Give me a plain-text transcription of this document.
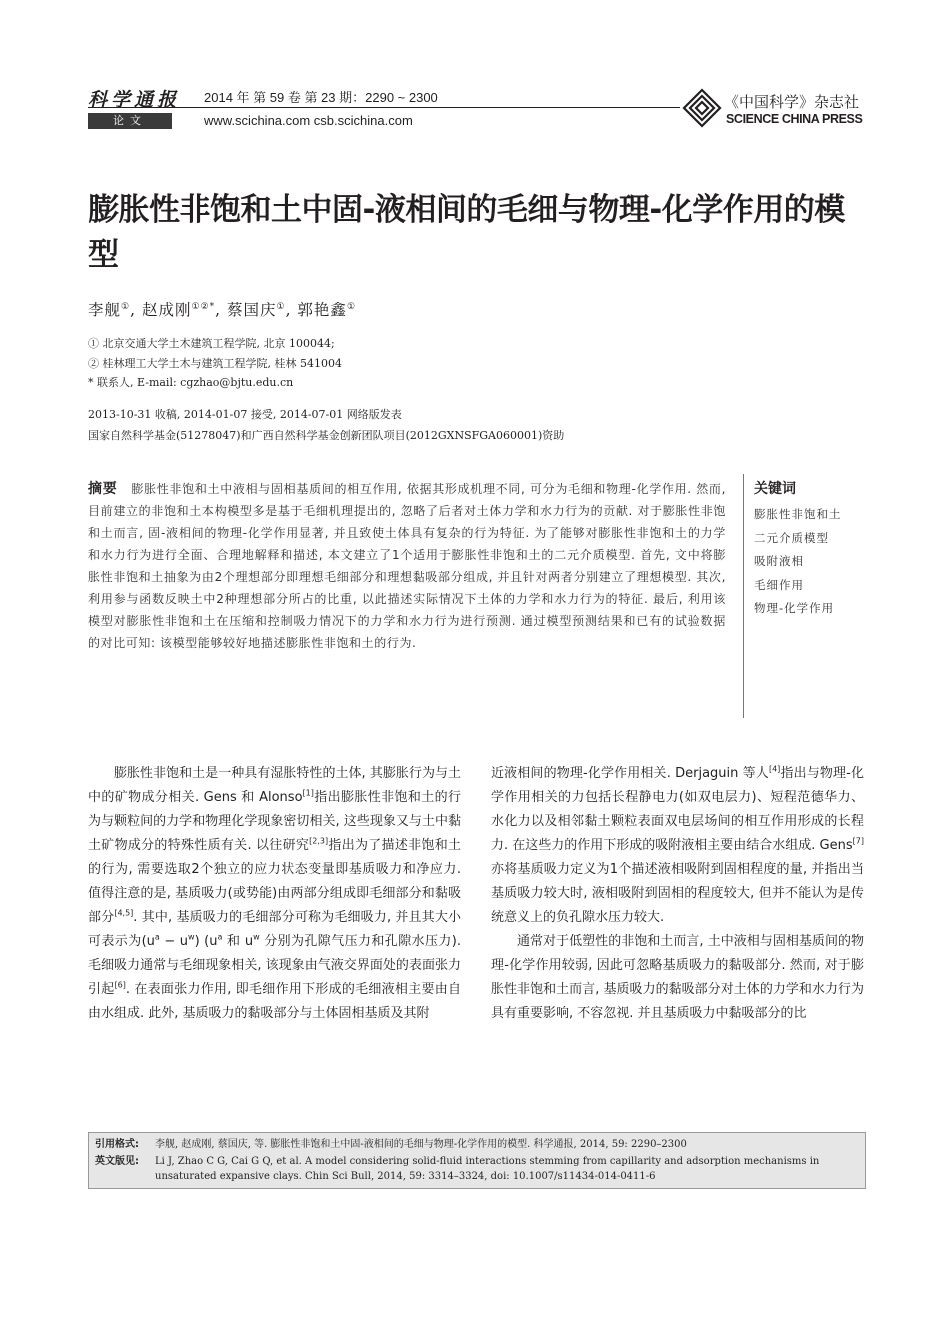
科学通报 2014 年 第 59 卷 第 23 期：2290 ~ 2300
论文	www.scichina.com csb.scichina.com
《中国科学》杂志社
SCIENCE CHINA PRESS
膨胀性非饱和土中固-液相间的毛细与物理-化学作用的模型
李舰①, 赵成刚①②*, 蔡国庆①, 郭艳鑫①
① 北京交通大学土木建筑工程学院, 北京 100044;
② 桂林理工大学土木与建筑工程学院, 桂林 541004
* 联系人, E-mail: cgzhao@bjtu.edu.cn
2013-10-31 收稿, 2014-01-07 接受, 2014-07-01 网络版发表
国家自然科学基金(51278047)和广西自然科学基金创新团队项目(2012GXNSFGA060001)资助
摘要 膨胀性非饱和土中液相与固相基质间的相互作用, 依据其形成机理不同, 可分为毛细和物理-化学作用. 然而, 目前建立的非饱和土本构模型多是基于毛细机理提出的, 忽略了后者对土体力学和水力行为的贡献. 对于膨胀性非饱和土而言, 固-液相间的物理-化学作用显著, 并且致使土体具有复杂的行为特征. 为了能够对膨胀性非饱和土的力学和水力行为进行全面、合理地解释和描述, 本文建立了1个适用于膨胀性非饱和土的二元介质模型. 首先, 文中将膨胀性非饱和土抽象为由2个理想部分即理想毛细部分和理想黏吸部分组成, 并且针对两者分别建立了理想模型. 其次, 利用参与函数反映土中2种理想部分所占的比重, 以此描述实际情况下土体的力学和水力行为的特征. 最后, 利用该模型对膨胀性非饱和土在压缩和控制吸力情况下的力学和水力行为进行预测. 通过模型预测结果和已有的试验数据的对比可知: 该模型能够较好地描述膨胀性非饱和土的行为.
关键词
膨胀性非饱和土
二元介质模型
吸附液相
毛细作用
物理-化学作用

膨胀性非饱和土是一种具有湿胀特性的土体, 其膨胀行为与土中的矿物成分相关. Gens 和 Alonso[1]指出膨胀性非饱和土的行为与颗粒间的力学和物理化学现象密切相关, 这些现象又与土中黏土矿物成分的特殊性质有关. 以往研究[2,3]指出为了描述非饱和土的行为, 需要选取2个独立的应力状态变量即基质吸力和净应力. 值得注意的是, 基质吸力(或势能)由两部分组成即毛细部分和黏吸部分[4,5]. 其中, 基质吸力的毛细部分可称为毛细吸力, 并且其大小可表示为$(u^a - u^w)$ ($u^a$ 和 $u^w$ 分别为孔隙气压力和孔隙水压力). 毛细吸力通常与毛细现象相关, 该现象由气液交界面处的表面张力引起[6]. 在表面张力作用, 即毛细作用下形成的毛细液相主要由自由水组成. 此外, 基质吸力的黏吸部分与土体固相基质及其附

近液相间的物理-化学作用相关. Derjaguin 等人[4]指出与物理-化学作用相关的力包括长程静电力(如双电层力)、短程范德华力、水化力以及相邻黏土颗粒表面双电层场间的相互作用形成的长程力. 在这些力的作用下形成的吸附液相主要由结合水组成. Gens[7]亦将基质吸力定义为1个描述液相吸附到固相程度的量, 并指出当基质吸力较大时, 液相吸附到固相的程度较大, 但并不能认为是传统意义上的负孔隙水压力较大.

通常对于低塑性的非饱和土而言, 土中液相与固相基质间的物理-化学作用较弱, 因此可忽略基质吸力的黏吸部分. 然而, 对于膨胀性非饱和土而言, 基质吸力的黏吸部分对土体的力学和水力行为具有重要影响, 不容忽视. 并且基质吸力中黏吸部分的比

引用格式: 李舰, 赵成刚, 蔡国庆, 等. 膨胀性非饱和土中固-液相间的毛细与物理-化学作用的模型. 科学通报, 2014, 59: 2290–2300
英文版见: Li J, Zhao C G, Cai G Q, et al. A model considering solid-fluid interactions stemming from capillarity and adsorption mechanisms in unsaturated expansive clays. Chin Sci Bull, 2014, 59: 3314–3324, doi: 10.1007/s11434-014-0411-6
